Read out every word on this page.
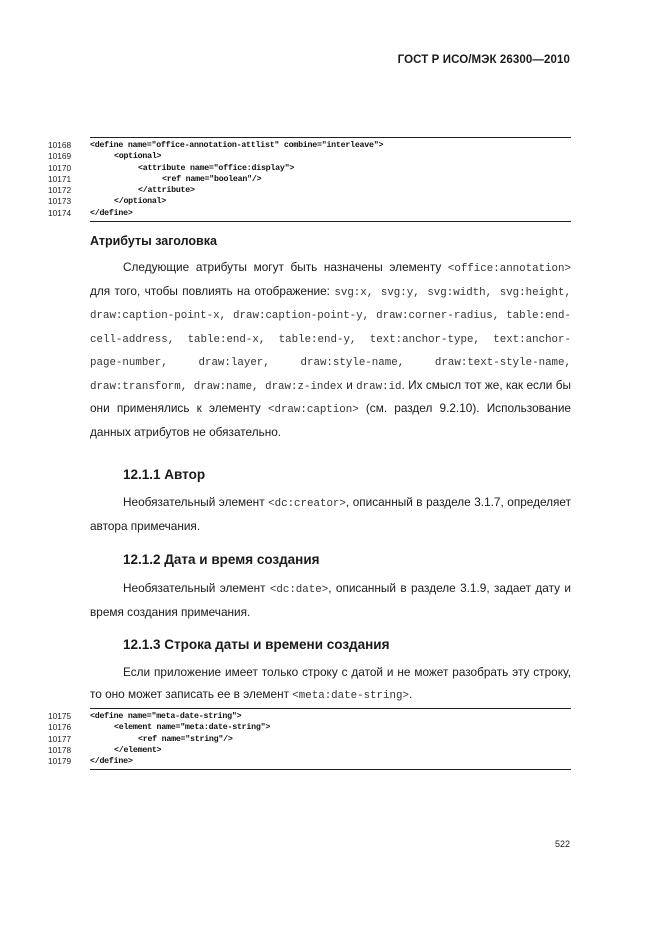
ГОСТ Р ИСО/МЭК 26300—2010
10168 <define name="office-annotation-attlist" combine="interleave">
10169	<optional>
10170	<attribute name="office:display">
10171	<ref name="boolean"/>
10172	</attribute>
10173	</optional>
10174 </define>
Атрибуты заголовка

Следующие атрибуты могут быть назначены элементу <office:annotation> для того, чтобы повлиять на отображение: svg:x, svg:y, svg:width, svg:height, draw:caption-point-x, draw:caption-point-y, draw:corner-radius, table:end-cell-address, table:end-x, table:end-y, text:anchor-type, text:anchor-page-number, draw:layer, draw:style-name, draw:text-style-name, draw:transform, draw:name, draw:z-index и draw:id. Их смысл тот же, как если бы они применялись к элементу <draw:caption> (см. раздел 9.2.10). Использование данных атрибутов не обязательно.

12.1.1 Автор

Необязательный элемент <dc:creator>, описанный в разделе 3.1.7, определяет автора примечания.

12.1.2 Дата и время создания

Необязательный элемент <dc:date>, описанный в разделе 3.1.9, задает дату и время создания примечания.

12.1.3 Строка даты и времени создания

Если приложение имеет только строку с датой и не может разобрать эту строку, то оно может записать ее в элемент <meta:date-string>.

10175 <define name="meta-date-string">
10176	<element name="meta:date-string">
10177	<ref name="string"/>
10178	</element>
10179 </define>
522
